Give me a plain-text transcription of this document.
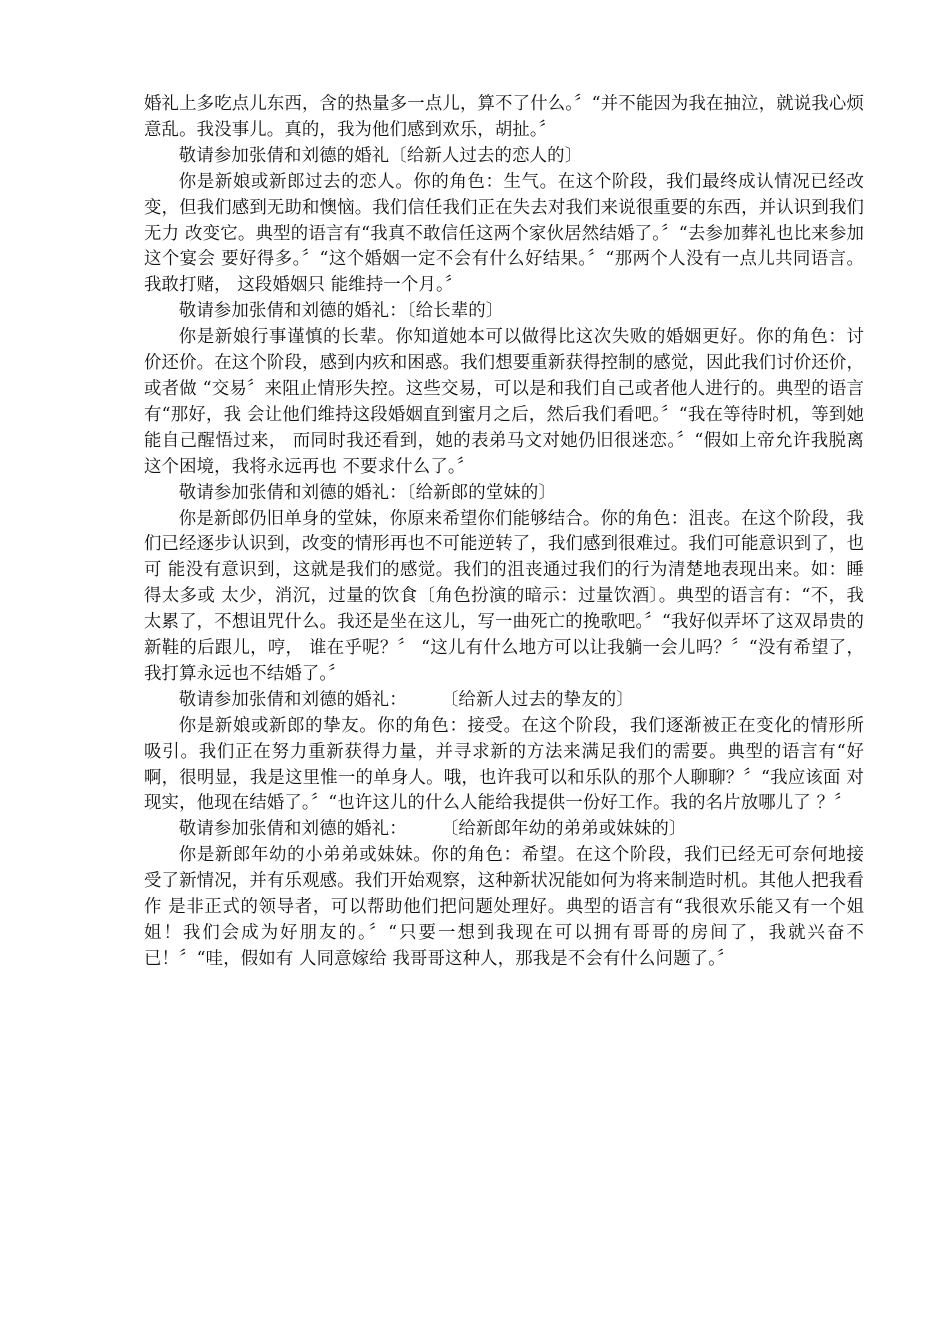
婚礼上多吃点儿东西，含的热量多一点儿，算不了什么。〞“并不能因为我在抽泣，就说我心烦意乱。我没事儿。真的，我为他们感到欢乐，胡扯。〞

敬请参加张倩和刘德的婚礼〔给新人过去的恋人的〕

你是新娘或新郎过去的恋人。你的角色：生气。在这个阶段，我们最终成认情况已经改 变，但我们感到无助和懊恼。我们信任我们正在失去对我们来说很重要的东西，并认识到我们无力 改变它。典型的语言有“我真不敢信任这两个家伙居然结婚了。〞“去参加葬礼也比来参加这个宴会 要好得多。〞“这个婚姻一定不会有什么好结果。〞“那两个人没有一点儿共同语言。我敢打赌， 这段婚姻只 能维持一个月。〞

敬请参加张倩和刘德的婚礼：〔给长辈的〕

你是新娘行事谨慎的长辈。你知道她本可以做得比这次失败的婚姻更好。你的角色：讨 价还价。在这个阶段，感到内疚和困惑。我们想要重新获得控制的感觉，因此我们讨价还价，或者做 “交易〞来阻止情形失控。这些交易，可以是和我们自己或者他人进行的。典型的语言有“那好，我 会让他们维持这段婚姻直到蜜月之后，然后我们看吧。〞“我在等待时机，等到她能自己醒悟过来， 而同时我还看到，她的表弟马文对她仍旧很迷恋。〞“假如上帝允许我脱离这个困境，我将永远再也 不要求什么了。〞

敬请参加张倩和刘德的婚礼：〔给新郎的堂妹的〕

你是新郎仍旧单身的堂妹，你原来希望你们能够结合。你的角色：沮丧。在这个阶段，我们已经逐步认识到，改变的情形再也不可能逆转了，我们感到很难过。我们可能意识到了，也可 能没有意识到，这就是我们的感觉。我们的沮丧通过我们的行为清楚地表现出来。如：睡得太多或 太少，消沉，过量的饮食〔角色扮演的暗示：过量饮酒〕。典型的语言有：“不，我太累了，不想诅咒什么。我还是坐在这儿，写一曲死亡的挽歌吧。〞“我好似弄坏了这双昂贵的新鞋的后跟儿，哼， 谁在乎呢？〞 “这儿有什么地方可以让我躺一会儿吗？〞“没有希望了，我打算永远也不结婚了。〞

敬请参加张倩和刘德的婚礼：      〔给新人过去的挚友的〕

你是新娘或新郎的挚友。你的角色：接受。在这个阶段，我们逐渐被正在变化的情形所 吸引。我们正在努力重新获得力量，并寻求新的方法来满足我们的需要。典型的语言有“好 啊，很明显，我是这里惟一的单身人。哦，也许我可以和乐队的那个人聊聊？〞“我应该面 对现实，他现在结婚了。〞“也许这儿的什么人能给我提供一份好工作。我的名片放哪儿了 ？〞

敬请参加张倩和刘德的婚礼：      〔给新郎年幼的弟弟或妹妹的〕

你是新郎年幼的小弟弟或妹妹。你的角色：希望。在这个阶段，我们已经无可奈何地接 受了新情况，并有乐观感。我们开始观察，这种新状况能如何为将来制造时机。其他人把我看作 是非正式的领导者，可以帮助他们把问题处理好。典型的语言有“我很欢乐能又有一个姐姐！我们会成为好朋友的。〞“只要一想到我现在可以拥有哥哥的房间了，我就兴奋不已！〞“哇，假如有 人同意嫁给 我哥哥这种人，那我是不会有什么问题了。〞
